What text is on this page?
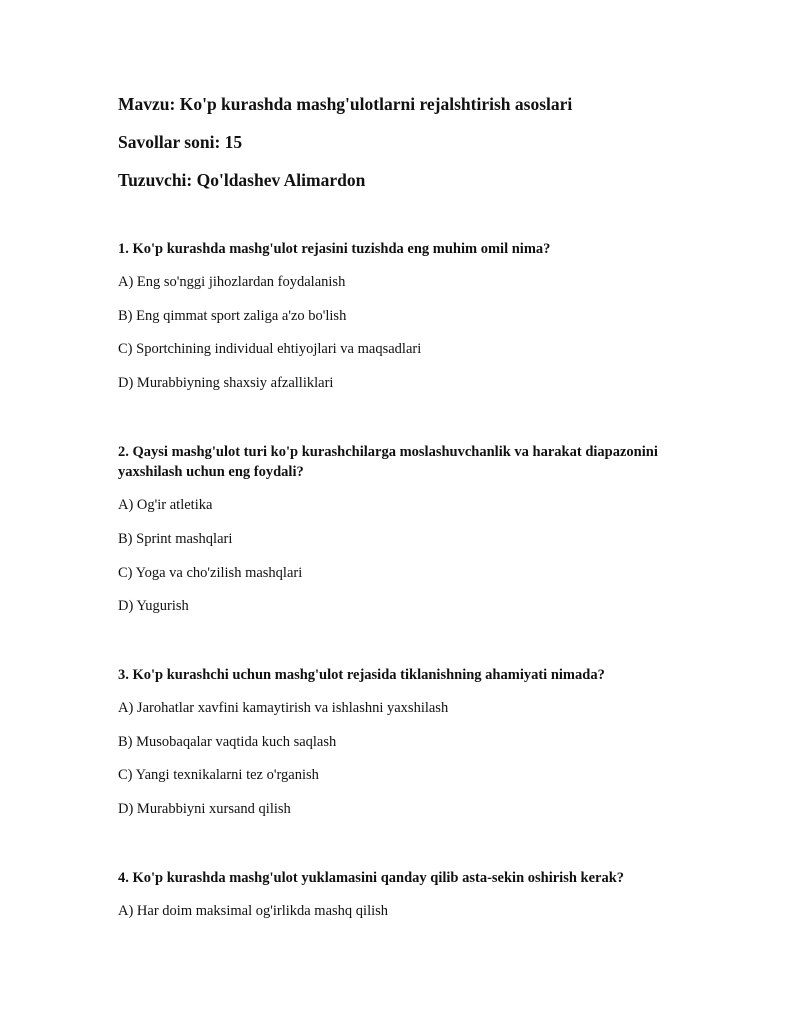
Mavzu: Ko'p kurashda mashg'ulotlarni rejalshtirish asoslari
Savollar soni: 15
Tuzuvchi: Qo'ldashev Alimardon
1. Ko'p kurashda mashg'ulot rejasini tuzishda eng muhim omil nima?
A) Eng so'nggi jihozlardan foydalanish
B) Eng qimmat sport zaliga a'zo bo'lish
C) Sportchining individual ehtiyojlari va maqsadlari
D) Murabbiyning shaxsiy afzalliklari
2. Qaysi mashg'ulot turi ko'p kurashchilarga moslashuvchanlik va harakat diapazonini yaxshilash uchun eng foydali?
A) Og'ir atletika
B) Sprint mashqlari
C) Yoga va cho'zilish mashqlari
D) Yugurish
3. Ko'p kurashchi uchun mashg'ulot rejasida tiklanishning ahamiyati nimada?
A) Jarohatlar xavfini kamaytirish va ishlashni yaxshilash
B) Musobaqalar vaqtida kuch saqlash
C) Yangi texnikalarni tez o'rganish
D) Murabbiyni xursand qilish
4. Ko'p kurashda mashg'ulot yuklamasini qanday qilib asta-sekin oshirish kerak?
A) Har doim maksimal og'irlikda mashq qilish
